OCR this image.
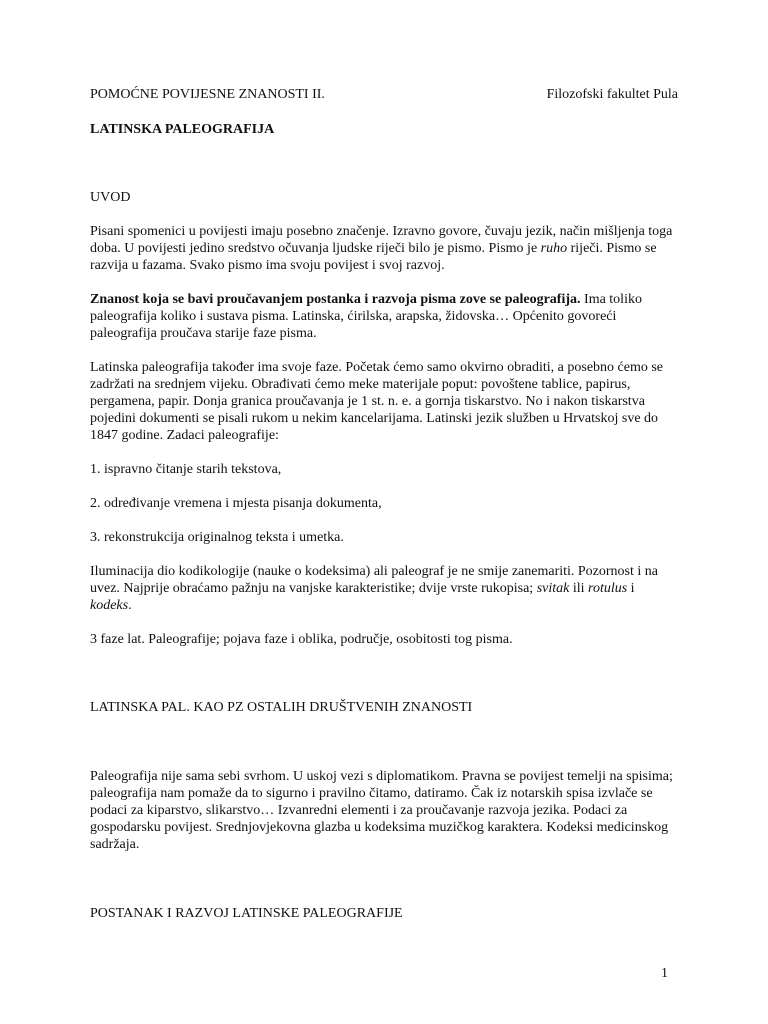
POMOĆNE POVIJESNE ZNANOSTI II.	Filozofski fakultet Pula
LATINSKA PALEOGRAFIJA
UVOD

Pisani spomenici u povijesti imaju posebno značenje. Izravno govore, čuvaju jezik, način mišljenja toga doba. U povijesti jedino sredstvo očuvanja ljudske riječi bilo je pismo. Pismo je ruho riječi. Pismo se razvija u fazama. Svako pismo ima svoju povijest i svoj razvoj.

Znanost koja se bavi proučavanjem postanka i razvoja pisma zove se paleografija. Ima toliko paleografija koliko i sustava pisma. Latinska, ćirilska, arapska, židovska… Općenito govoreći paleografija proučava starije faze pisma.

Latinska paleografija također ima svoje faze. Početak ćemo samo okvirno obraditi, a posebno ćemo se zadržati na srednjem vijeku. Obrađivati ćemo meke materijale poput: povoštene tablice, papirus, pergamena, papir. Donja granica proučavanja je 1 st. n. e. a gornja tiskarstvo. No i nakon tiskarstva pojedini dokumenti se pisali rukom u nekim kancelarijama. Latinski jezik služben u Hrvatskoj sve do 1847 godine. Zadaci paleografije:

1. ispravno čitanje starih tekstova,

2. određivanje vremena i mjesta pisanja dokumenta,

3. rekonstrukcija originalnog teksta i umetka.

Iluminacija dio kodikologije (nauke o kodeksima) ali paleograf je ne smije zanemariti. Pozornost i na uvez. Najprije obraćamo pažnju na vanjske karakteristike; dvije vrste rukopisa; svitak ili rotulus i kodeks.

3 faze lat. Paleografije; pojava faze i oblika, područje, osobitosti tog pisma.

LATINSKA PAL. KAO PZ OSTALIH DRUŠTVENIH ZNANOSTI

Paleografija nije sama sebi svrhom. U uskoj vezi s diplomatikom. Pravna se povijest temelji na spisima; paleografija nam pomaže da to sigurno i pravilno čitamo, datiramo. Čak iz notarskih spisa izvlače se podaci za kiparstvo, slikarstvo… Izvanredni elementi i za proučavanje razvoja jezika. Podaci za gospodarsku povijest. Srednjovjekovna glazba u kodeksima muzičkog karaktera. Kodeksi medicinskog sadržaja.

POSTANAK I RAZVOJ LATINSKE PALEOGRAFIJE
1
